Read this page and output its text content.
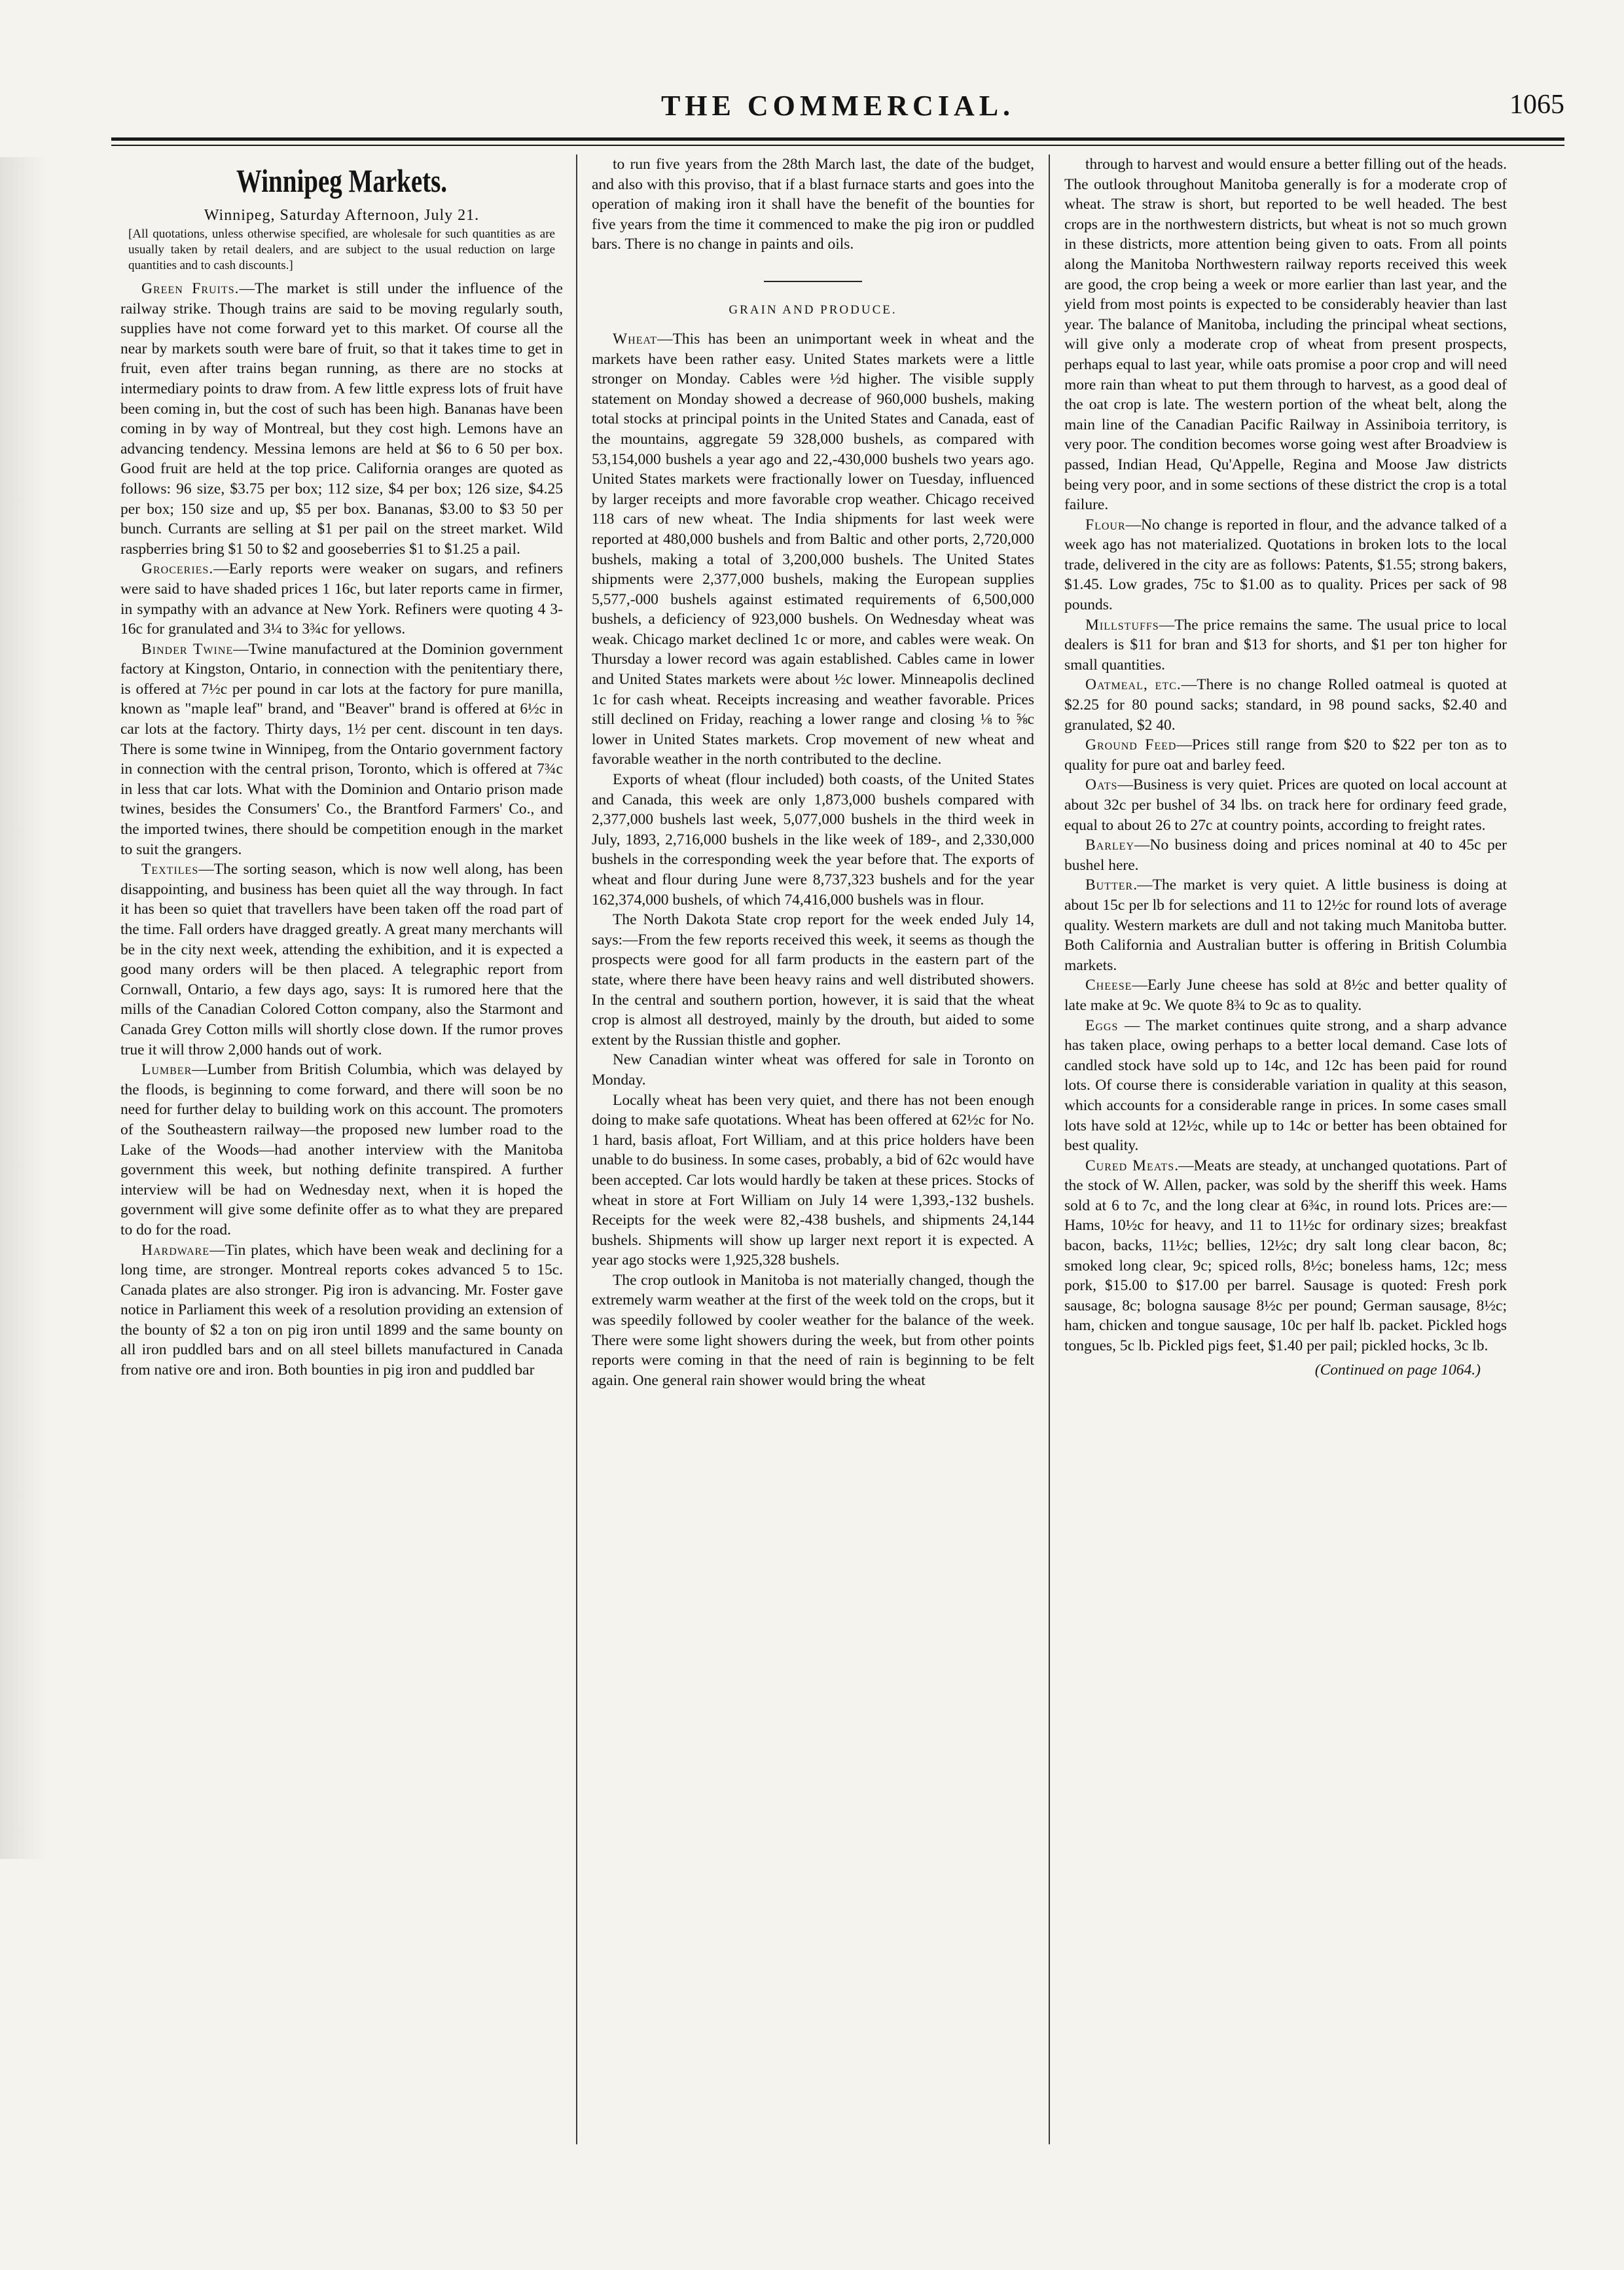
THE COMMERCIAL.	1065
Winnipeg Markets.
Winnipeg, Saturday Afternoon, July 21.
[All quotations, unless otherwise specified, are wholesale for such quantities as are usually taken by retail dealers, and are subject to the usual reduction on large quantities and to cash discounts.]

Green Fruits.—The market is still under the influence of the railway strike. Though trains are said to be moving regularly south, supplies have not come forward yet to this market. Of course all the near by markets south were bare of fruit, so that it takes time to get in fruit, even after trains began running, as there are no stocks at intermediary points to draw from. A few little express lots of fruit have been coming in, but the cost of such has been high. Bananas have been coming in by way of Montreal, but they cost high. Lemons have an advancing tendency. Messina lemons are held at $6 to 6 50 per box. Good fruit are held at the top price. California oranges are quoted as follows: 96 size, $3.75 per box; 112 size, $4 per box; 126 size, $4.25 per box; 150 size and up, $5 per box. Bananas, $3.00 to $3 50 per bunch. Currants are selling at $1 per pail on the street market. Wild raspberries bring $1 50 to $2 and gooseberries $1 to $1.25 a pail.

Groceries.—Early reports were weaker on sugars, and refiners were said to have shaded prices 1 16c, but later reports came in firmer, in sympathy with an advance at New York. Refiners were quoting 4 3-16c for granulated and 3¼ to 3¾c for yellows.

Binder Twine—Twine manufactured at the Dominion government factory at Kingston, Ontario, in connection with the penitentiary there, is offered at 7½c per pound in car lots at the factory for pure manilla, known as "maple leaf" brand, and "Beaver" brand is offered at 6½c in car lots at the factory. Thirty days, 1½ per cent. discount in ten days. There is some twine in Winnipeg, from the Ontario government factory in connection with the central prison, Toronto, which is offered at 7¾c in less that car lots. What with the Dominion and Ontario prison made twines, besides the Consumers' Co., the Brantford Farmers' Co., and the imported twines, there should be competition enough in the market to suit the grangers.

Textiles—The sorting season, which is now well along, has been disappointing, and business has been quiet all the way through. In fact it has been so quiet that travellers have been taken off the road part of the time. Fall orders have dragged greatly. A great many merchants will be in the city next week, attending the exhibition, and it is expected a good many orders will be then placed. A telegraphic report from Cornwall, Ontario, a few days ago, says: It is rumored here that the mills of the Canadian Colored Cotton company, also the Starmont and Canada Grey Cotton mills will shortly close down. If the rumor proves true it will throw 2,000 hands out of work.

Lumber—Lumber from British Columbia, which was delayed by the floods, is beginning to come forward, and there will soon be no need for further delay to building work on this account. The promoters of the Southeastern railway—the proposed new lumber road to the Lake of the Woods—had another interview with the Manitoba government this week, but nothing definite transpired. A further interview will be had on Wednesday next, when it is hoped the government will give some definite offer as to what they are prepared to do for the road.

Hardware—Tin plates, which have been weak and declining for a long time, are stronger. Montreal reports cokes advanced 5 to 15c. Canada plates are also stronger. Pig iron is advancing. Mr. Foster gave notice in Parliament this week of a resolution providing an extension of the bounty of $2 a ton on pig iron until 1899 and the same bounty on all iron puddled bars and on all steel billets manufactured in Canada from native ore and iron. Both bounties in pig iron and puddled bar

to run five years from the 28th March last, the date of the budget, and also with this proviso, that if a blast furnace starts and goes into the operation of making iron it shall have the benefit of the bounties for five years from the time it commenced to make the pig iron or puddled bars. There is no change in paints and oils.

GRAIN AND PRODUCE.

Wheat—This has been an unimportant week in wheat and the markets have been rather easy. United States markets were a little stronger on Monday. Cables were ½d higher. The visible supply statement on Monday showed a decrease of 960,000 bushels, making total stocks at principal points in the United States and Canada, east of the mountains, aggregate 59 328,000 bushels, as compared with 53,154,000 bushels a year ago and 22,-430,000 bushels two years ago. United States markets were fractionally lower on Tuesday, influenced by larger receipts and more favorable crop weather. Chicago received 118 cars of new wheat. The India shipments for last week were reported at 480,000 bushels and from Baltic and other ports, 2,720,000 bushels, making a total of 3,200,000 bushels. The United States shipments were 2,377,000 bushels, making the European supplies 5,577,-000 bushels against estimated requirements of 6,500,000 bushels, a deficiency of 923,000 bushels. On Wednesday wheat was weak. Chicago market declined 1c or more, and cables were weak. On Thursday a lower record was again established. Cables came in lower and United States markets were about ½c lower. Minneapolis declined 1c for cash wheat. Receipts increasing and weather favorable. Prices still declined on Friday, reaching a lower range and closing ⅛ to ⅝c lower in United States markets. Crop movement of new wheat and favorable weather in the north contributed to the decline.

Exports of wheat (flour included) both coasts, of the United States and Canada, this week are only 1,873,000 bushels compared with 2,377,000 bushels last week, 5,077,000 bushels in the third week in July, 1893, 2,716,000 bushels in the like week of 189-, and 2,330,000 bushels in the corresponding week the year before that. The exports of wheat and flour during June were 8,737,323 bushels and for the year 162,374,000 bushels, of which 74,416,000 bushels was in flour.

The North Dakota State crop report for the week ended July 14, says:—From the few reports received this week, it seems as though the prospects were good for all farm products in the eastern part of the state, where there have been heavy rains and well distributed showers. In the central and southern portion, however, it is said that the wheat crop is almost all destroyed, mainly by the drouth, but aided to some extent by the Russian thistle and gopher.

New Canadian winter wheat was offered for sale in Toronto on Monday.

Locally wheat has been very quiet, and there has not been enough doing to make safe quotations. Wheat has been offered at 62½c for No. 1 hard, basis afloat, Fort William, and at this price holders have been unable to do business. In some cases, probably, a bid of 62c would have been accepted. Car lots would hardly be taken at these prices. Stocks of wheat in store at Fort William on July 14 were 1,393,-132 bushels. Receipts for the week were 82,-438 bushels, and shipments 24,144 bushels. Shipments will show up larger next report it is expected. A year ago stocks were 1,925,328 bushels.

The crop outlook in Manitoba is not materially changed, though the extremely warm weather at the first of the week told on the crops, but it was speedily followed by cooler weather for the balance of the week. There were some light showers during the week, but from other points reports were coming in that the need of rain is beginning to be felt again. One general rain shower would bring the wheat

through to harvest and would ensure a better filling out of the heads. The outlook throughout Manitoba generally is for a moderate crop of wheat. The straw is short, but reported to be well headed. The best crops are in the northwestern districts, but wheat is not so much grown in these districts, more attention being given to oats. From all points along the Manitoba Northwestern railway reports received this week are good, the crop being a week or more earlier than last year, and the yield from most points is expected to be considerably heavier than last year. The balance of Manitoba, including the principal wheat sections, will give only a moderate crop of wheat from present prospects, perhaps equal to last year, while oats promise a poor crop and will need more rain than wheat to put them through to harvest, as a good deal of the oat crop is late. The western portion of the wheat belt, along the main line of the Canadian Pacific Railway in Assiniboia territory, is very poor. The condition becomes worse going west after Broadview is passed, Indian Head, Qu'Appelle, Regina and Moose Jaw districts being very poor, and in some sections of these district the crop is a total failure.

Flour—No change is reported in flour, and the advance talked of a week ago has not materialized. Quotations in broken lots to the local trade, delivered in the city are as follows: Patents, $1.55; strong bakers, $1.45. Low grades, 75c to $1.00 as to quality. Prices per sack of 98 pounds.

Millstuffs—The price remains the same. The usual price to local dealers is $11 for bran and $13 for shorts, and $1 per ton higher for small quantities.

Oatmeal, etc.—There is no change Rolled oatmeal is quoted at $2.25 for 80 pound sacks; standard, in 98 pound sacks, $2.40 and granulated, $2 40.

Ground Feed—Prices still range from $20 to $22 per ton as to quality for pure oat and barley feed.

Oats—Business is very quiet. Prices are quoted on local account at about 32c per bushel of 34 lbs. on track here for ordinary feed grade, equal to about 26 to 27c at country points, according to freight rates.

Barley—No business doing and prices nominal at 40 to 45c per bushel here.

Butter.—The market is very quiet. A little business is doing at about 15c per lb for selections and 11 to 12½c for round lots of average quality. Western markets are dull and not taking much Manitoba butter. Both California and Australian butter is offering in British Columbia markets.

Cheese—Early June cheese has sold at 8½c and better quality of late make at 9c. We quote 8¾ to 9c as to quality.

Eggs — The market continues quite strong, and a sharp advance has taken place, owing perhaps to a better local demand. Case lots of candled stock have sold up to 14c, and 12c has been paid for round lots. Of course there is considerable variation in quality at this season, which accounts for a considerable range in prices. In some cases small lots have sold at 12½c, while up to 14c or better has been obtained for best quality.

Cured Meats.—Meats are steady, at unchanged quotations. Part of the stock of W. Allen, packer, was sold by the sheriff this week. Hams sold at 6 to 7c, and the long clear at 6¾c, in round lots. Prices are:—Hams, 10½c for heavy, and 11 to 11½c for ordinary sizes; breakfast bacon, backs, 11½c; bellies, 12½c; dry salt long clear bacon, 8c; smoked long clear, 9c; spiced rolls, 8½c; boneless hams, 12c; mess pork, $15.00 to $17.00 per barrel. Sausage is quoted: Fresh pork sausage, 8c; bologna sausage 8½c per pound; German sausage, 8½c; ham, chicken and tongue sausage, 10c per half lb. packet. Pickled hogs tongues, 5c lb. Pickled pigs feet, $1.40 per pail; pickled hocks, 3c lb.

(Continued on page 1064.)
